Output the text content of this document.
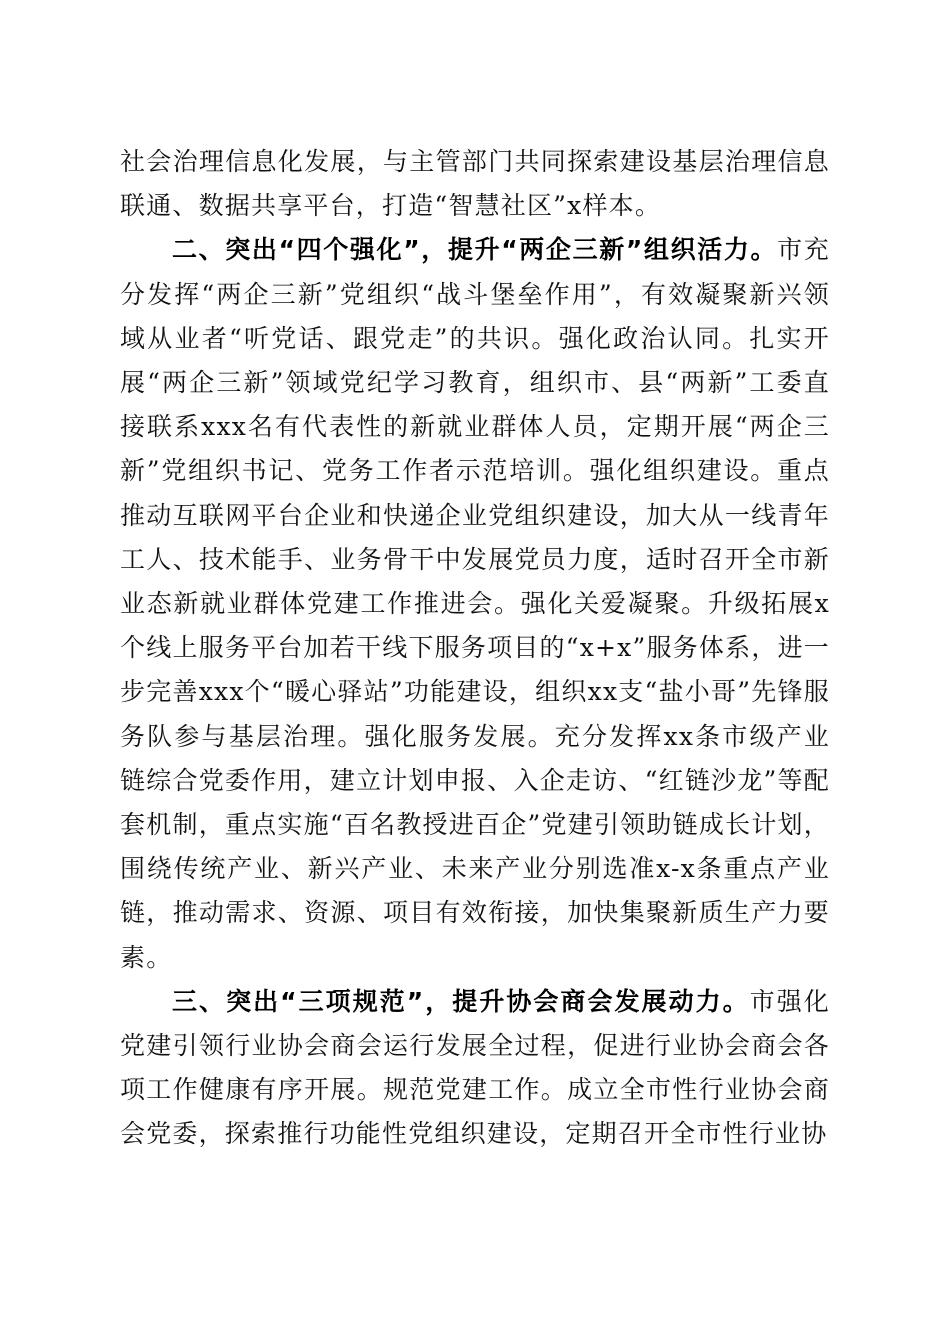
社会治理信息化发展，与主管部门共同探索建设基层治理信息联通、数据共享平台，打造“智慧社区”x样本。

二、突出“四个强化”，提升“两企三新”组织活力。市充分发挥“两企三新”党组织“战斗堡垒作用”，有效凝聚新兴领域从业者“听党话、跟党走”的共识。强化政治认同。扎实开展“两企三新”领域党纪学习教育，组织市、县“两新”工委直接联系xxx名有代表性的新就业群体人员，定期开展“两企三新”党组织书记、党务工作者示范培训。强化组织建设。重点推动互联网平台企业和快递企业党组织建设，加大从一线青年工人、技术能手、业务骨干中发展党员力度，适时召开全市新业态新就业群体党建工作推进会。强化关爱凝聚。升级拓展x个线上服务平台加若干线下服务项目的“x+x”服务体系，进一步完善xxx个“暖心驿站”功能建设，组织xx支“盐小哥”先锋服务队参与基层治理。强化服务发展。充分发挥xx条市级产业链综合党委作用，建立计划申报、入企走访、“红链沙龙”等配套机制，重点实施“百名教授进百企”党建引领助链成长计划，围绕传统产业、新兴产业、未来产业分别选准x-x条重点产业链，推动需求、资源、项目有效衔接，加快集聚新质生产力要素。

三、突出“三项规范”，提升协会商会发展动力。市强化党建引领行业协会商会运行发展全过程，促进行业协会商会各项工作健康有序开展。规范党建工作。成立全市性行业协会商会党委，探索推行功能性党组织建设，定期召开全市性行业协
